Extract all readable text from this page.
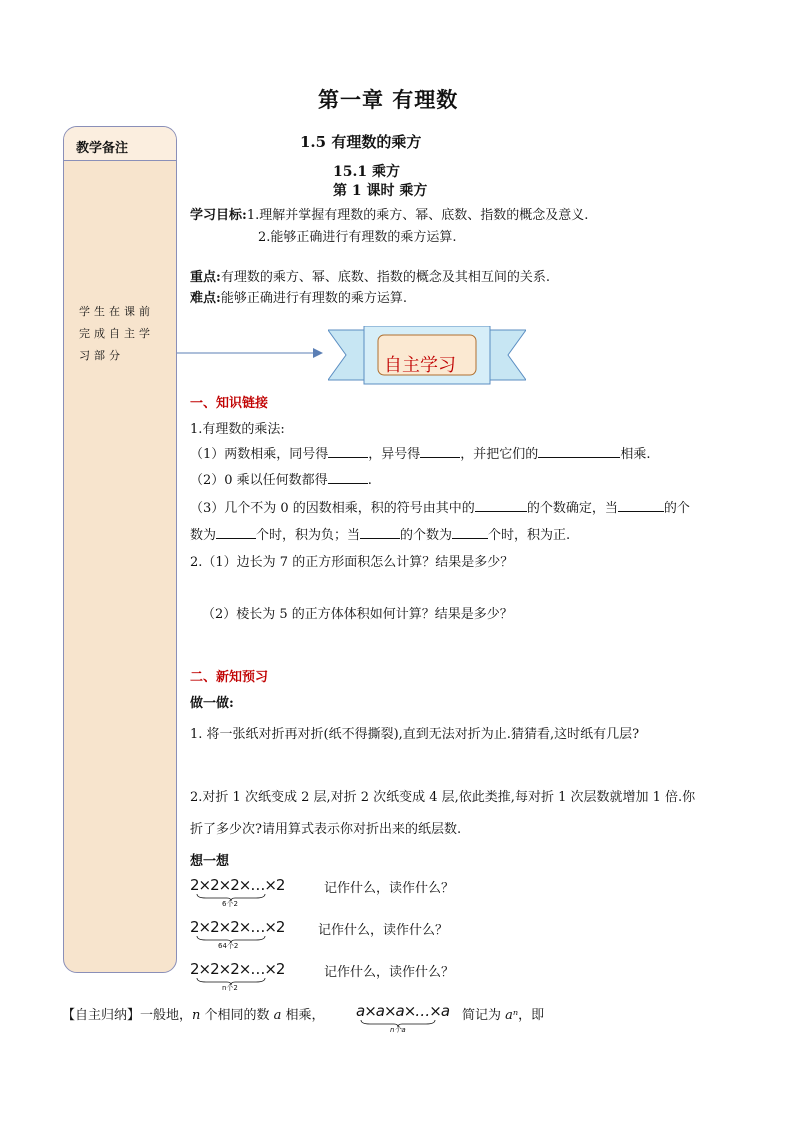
第一章 有理数
1.5 有理数的乘方
15.1 乘方
第 1 课时 乘方
教学备注
学生在课前完成自主学习部分
学习目标:1.理解并掌握有理数的乘方、幂、底数、指数的概念及意义.
2.能够正确进行有理数的乘方运算.
重点:有理数的乘方、幂、底数、指数的概念及其相互间的关系.
难点:能够正确进行有理数的乘方运算.
自主学习
一、知识链接
1.有理数的乘法:
（1）两数相乘，同号得	，异号得	，并把它们的	相乘.
（2）0 乘以任何数都得	.
（3）几个不为 0 的因数相乘，积的符号由其中的	的个数确定，当	的个
数为	个时，积为负；当	的个数为	个时，积为正.
2.（1）边长为 7 的正方形面积怎么计算？结果是多少？
（2）棱长为 5 的正方体体积如何计算？结果是多少？
二、新知预习
做一做:
1. 将一张纸对折再对折(纸不得撕裂),直到无法对折为止.猜猜看,这时纸有几层?
2.对折 1 次纸变成 2 层,对折 2 次纸变成 4 层,依此类推,每对折 1 次层数就增加 1 倍.你
折了多少次?请用算式表示你对折出来的纸层数.
想一想
2×2×2×…×2
6个2
记作什么，读作什么？
2×2×2×…×2
64个2
记作什么，读作什么？
2×2×2×…×2
n个2
记作什么，读作什么？
【自主归纳】一般地，n 个相同的数 a 相乘， a×a×a×…×a
n个a
简记为 aⁿ，即
